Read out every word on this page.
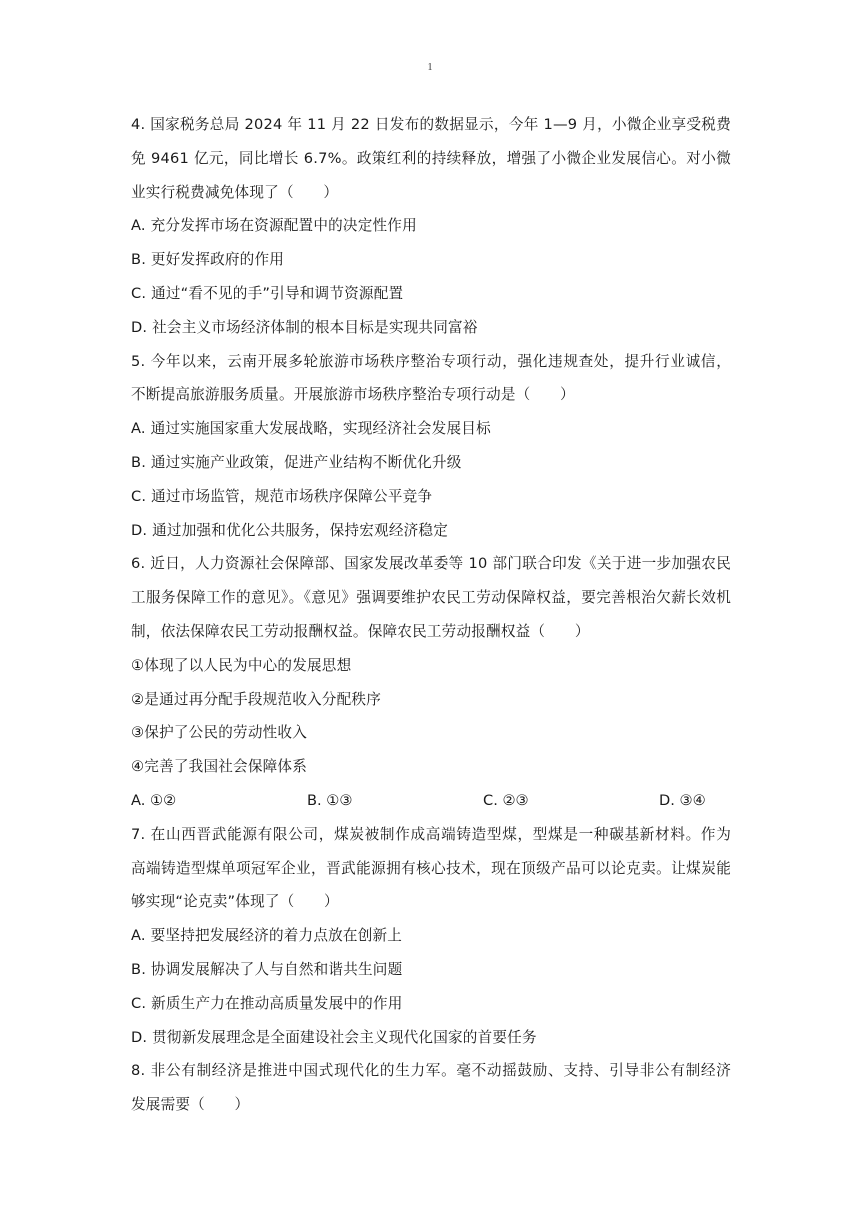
1
4. 国家税务总局 2024 年 11 月 22 日发布的数据显示，今年 1—9 月，小微企业享受税费
免 9461 亿元，同比增长 6.7%。政策红利的持续释放，增强了小微企业发展信心。对小微
业实行税费减免体现了（　　）
A. 充分发挥市场在资源配置中的决定性作用
B. 更好发挥政府的作用
C. 通过“看不见的手”引导和调节资源配置
D. 社会主义市场经济体制的根本目标是实现共同富裕
5. 今年以来，云南开展多轮旅游市场秩序整治专项行动，强化违规查处，提升行业诚信，
不断提高旅游服务质量。开展旅游市场秩序整治专项行动是（　　）
A. 通过实施国家重大发展战略，实现经济社会发展目标
B. 通过实施产业政策，促进产业结构不断优化升级
C. 通过市场监管，规范市场秩序保障公平竞争
D. 通过加强和优化公共服务，保持宏观经济稳定
6. 近日，人力资源社会保障部、国家发展改革委等 10 部门联合印发《关于进一步加强农民
工服务保障工作的意见》。《意见》强调要维护农民工劳动保障权益，要完善根治欠薪长效机
制，依法保障农民工劳动报酬权益。保障农民工劳动报酬权益（　　）
①体现了以人民为中心的发展思想
②是通过再分配手段规范收入分配秩序
③保护了公民的劳动性收入
④完善了我国社会保障体系
A. ①②	B. ①③	C. ②③	D. ③④
7. 在山西晋武能源有限公司，煤炭被制作成高端铸造型煤，型煤是一种碳基新材料。作为
高端铸造型煤单项冠军企业，晋武能源拥有核心技术，现在顶级产品可以论克卖。让煤炭能
够实现“论克卖”体现了（　　）
A. 要坚持把发展经济的着力点放在创新上
B. 协调发展解决了人与自然和谐共生问题
C. 新质生产力在推动高质量发展中的作用
D. 贯彻新发展理念是全面建设社会主义现代化国家的首要任务
8. 非公有制经济是推进中国式现代化的生力军。毫不动摇鼓励、支持、引导非公有制经济
发展需要（　　）
